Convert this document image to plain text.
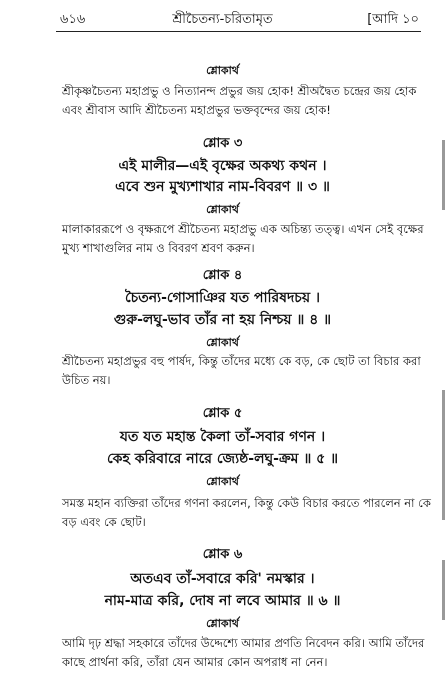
৬১৬	শ্রীচৈতন্য-চরিতামৃত	[আদি ১০
শ্লোকার্থ
শ্রীকৃষ্ণচৈতন্য মহাপ্রভু ও নিত্যানন্দ প্রভুর জয় হোক! শ্রীঅদ্বৈত চন্দ্রের জয় হোক এবং শ্রীবাস আদি শ্রীচৈতন্য মহাপ্রভুর ভক্তবৃন্দের জয় হোক!
শ্লোক ৩
এই মালীর—এই বৃক্ষের অকথ্য কথন ।
এবে শুন মুখ্যশাখার নাম-বিবরণ ॥ ৩ ॥
শ্লোকার্থ
মালাকাররূপে ও বৃক্ষরূপে শ্রীচৈতন্য মহাপ্রভু এক অচিন্ত্য তত্ত্ব। এখন সেই বৃক্ষের মুখ্য শাখাগুলির নাম ও বিবরণ শ্রবণ করুন।
শ্লোক ৪
চৈতন্য-গোসাঞির যত পারিষদচয় ।
গুরু-লঘু-ভাব তাঁর না হয় নিশ্চয় ॥ ৪ ॥
শ্লোকার্থ
শ্রীচৈতন্য মহাপ্রভুর বহু পার্ষদ, কিন্তু তাঁদের মধ্যে কে বড়, কে ছোট তা বিচার করা উচিত নয়।
শ্লোক ৫
যত যত মহান্ত কৈলা তাঁ-সবার গণন ।
কেহ করিবারে নারে জ্যেষ্ঠ-লঘু-ক্রম ॥ ৫ ॥
শ্লোকার্থ
সমস্ত মহান ব্যক্তিরা তাঁদের গণনা করলেন, কিন্তু কেউ বিচার করতে পারলেন না কে বড় এবং কে ছোট।
শ্লোক ৬
অতএব তাঁ-সবারে করি' নমস্কার ।
নাম-মাত্র করি, দোষ না লবে আমার ॥ ৬ ॥
শ্লোকার্থ
আমি দৃঢ় শ্রদ্ধা সহকারে তাঁদের উদ্দেশ্যে আমার প্রণতি নিবেদন করি। আমি তাঁদের কাছে প্রার্থনা করি, তাঁরা যেন আমার কোন অপরাধ না নেন।
